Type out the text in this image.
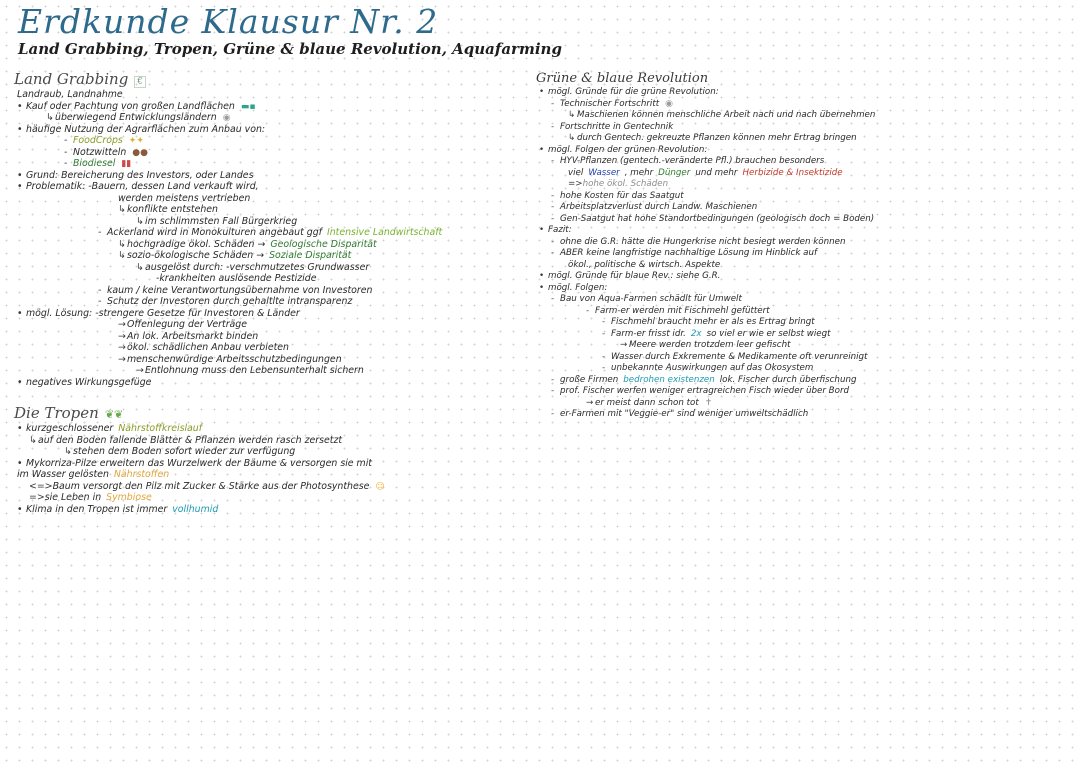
Erdkunde Klausur Nr. 2
Land Grabbing, Tropen, Grüne & blaue Revolution, Aquafarming
Land Grabbing €
Landraub, Landnahme
• Kauf oder Pachtung von großen Landflächen ▬▪
↳überwiegend Entwicklungsländern ◉
• häufige Nutzung der Agrarflächen zum Anbau von:
- FoodCrops ✦✦
- Notzwitteln ●●
- Biodiesel ▮▮
• Grund: Bereicherung des Investors, oder Landes
• Problematik: -Bauern, dessen Land verkauft wird,
werden meistens vertrieben
↳konflikte entstehen
↳im schlimmsten Fall Bürgerkrieg
- Ackerland wird in Monokulturen angebaut ggf Intensive Landwirtschaft
↳hochgradige ökol. Schäden → Geologische Disparität
↳sozio-ökologische Schäden → Soziale Disparität
↳ausgelöst durch: -verschmutzetes Grundwasser
-krankheiten auslösende Pestizide
- kaum / keine Verantwortungsübernahme von Investoren
- Schutz der Investoren durch gehaltlte intransparenz
• mögl. Lösung: -strengere Gesetze für Investoren & Länder
→Offenlegung der Verträge
→An lok. Arbeitsmarkt binden
→ökol. schädlichen Anbau verbieten
→menschenwürdige Arbeitsschutzbedingungen
→Entlohnung muss den Lebensunterhalt sichern
• negatives Wirkungsgefüge
Die Tropen ❦❦
• kurzgeschlossener Nährstoffkreislauf
↳auf den Boden fallende Blätter & Pflanzen werden rasch zersetzt
↳stehen dem Boden sofort wieder zur verfügung
• Mykorriza-Pilze erweitern das Wurzelwerk der Bäume & versorgen sie mit
im Wasser gelösten Nährstoffen
<=>Baum versorgt den Pilz mit Zucker & Stärke aus der Photosynthese ☺
=>sie Leben in Symbiose
• Klima in den Tropen ist immer vollhumid
Grüne & blaue Revolution
• mögl. Gründe für die grüne Revolution:
- Technischer Fortschritt ◉
↳ Maschienen können menschliche Arbeit nach und nach übernehmen
- Fortschritte in Gentechnik
↳ durch Gentech. gekreuzte Pflanzen können mehr Ertrag bringen
• mögl. Folgen der grünen Revolution:
- HYV-Pflanzen (gentech.-veränderte Pfl.) brauchen besonders
viel Wasser , mehr Dünger und mehr Herbizide & Insektizide
=>hohe ökol. Schäden
- hohe Kosten für das Saatgut
- Arbeitsplatzverlust durch Landw. Maschienen
- Gen-Saatgut hat hohe Standortbedingungen (geologisch doch = Boden)
• Fazit:
- ohne die G.R. hätte die Hungerkrise nicht besiegt werden können
- ABER keine langfristige nachhaltige Lösung im Hinblick auf
ökol., politische & wirtsch. Aspekte
• mögl. Gründe für blaue Rev.: siehe G.R.
• mögl. Folgen:
- Bau von Aqua-Farmen schädlt für Umwelt
- Farm-er werden mit Fischmehl gefüttert
- Fischmehl braucht mehr er als es Ertrag bringt
- Farm-er frisst idr. 2x so viel er wie er selbst wiegt
→ Meere werden trotzdem leer gefischt
- Wasser durch Exkremente & Medikamente oft verunreinigt
- unbekannte Auswirkungen auf das Ökosystem
- große Firmen bedrohen existenzen lok. Fischer durch überfischung
- prof. Fischer werfen weniger ertragreichen Fisch wieder über Bord
→ er meist dann schon tot ✝
- er-Farmen mit "Veggie-er" sind weniger umweltschädlich
